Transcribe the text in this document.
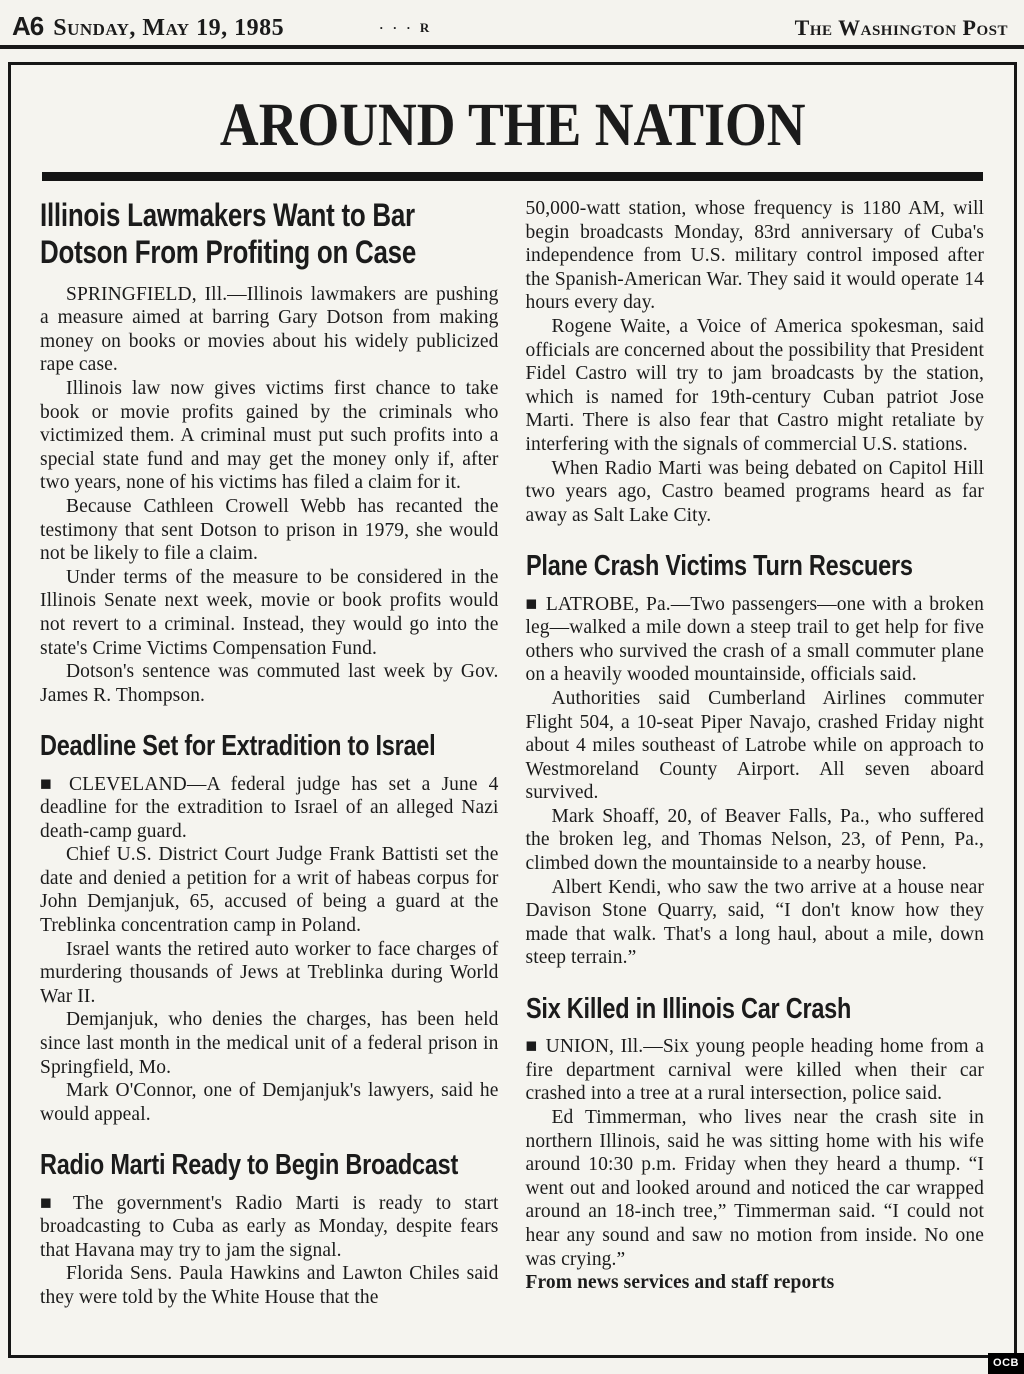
A6 Sunday, May 19, 1985	· · · R	The Washington Post
AROUND THE NATION
Illinois Lawmakers Want to Bar Dotson From Profiting on Case

SPRINGFIELD, Ill.—Illinois lawmakers are pushing a measure aimed at barring Gary Dotson from making money on books or movies about his widely publicized rape case.

Illinois law now gives victims first chance to take book or movie profits gained by the criminals who victimized them. A criminal must put such profits into a special state fund and may get the money only if, after two years, none of his victims has filed a claim for it.

Because Cathleen Crowell Webb has recanted the testimony that sent Dotson to prison in 1979, she would not be likely to file a claim.

Under terms of the measure to be considered in the Illinois Senate next week, movie or book profits would not revert to a criminal. Instead, they would go into the state's Crime Victims Compensation Fund.

Dotson's sentence was commuted last week by Gov. James R. Thompson.

Deadline Set for Extradition to Israel

■ CLEVELAND—A federal judge has set a June 4 deadline for the extradition to Israel of an alleged Nazi death-camp guard.

Chief U.S. District Court Judge Frank Battisti set the date and denied a petition for a writ of habeas corpus for John Demjanjuk, 65, accused of being a guard at the Treblinka concentration camp in Poland.

Israel wants the retired auto worker to face charges of murdering thousands of Jews at Treblinka during World War II.

Demjanjuk, who denies the charges, has been held since last month in the medical unit of a federal prison in Springfield, Mo.

Mark O'Connor, one of Demjanjuk's lawyers, said he would appeal.

Radio Marti Ready to Begin Broadcast

■ The government's Radio Marti is ready to start broadcasting to Cuba as early as Monday, despite fears that Havana may try to jam the signal.

Florida Sens. Paula Hawkins and Lawton Chiles said they were told by the White House that the

50,000-watt station, whose frequency is 1180 AM, will begin broadcasts Monday, 83rd anniversary of Cuba's independence from U.S. military control imposed after the Spanish-American War. They said it would operate 14 hours every day.

Rogene Waite, a Voice of America spokesman, said officials are concerned about the possibility that President Fidel Castro will try to jam broadcasts by the station, which is named for 19th-century Cuban patriot Jose Marti. There is also fear that Castro might retaliate by interfering with the signals of commercial U.S. stations.

When Radio Marti was being debated on Capitol Hill two years ago, Castro beamed programs heard as far away as Salt Lake City.

Plane Crash Victims Turn Rescuers

■ LATROBE, Pa.—Two passengers—one with a broken leg—walked a mile down a steep trail to get help for five others who survived the crash of a small commuter plane on a heavily wooded mountainside, officials said.

Authorities said Cumberland Airlines commuter Flight 504, a 10-seat Piper Navajo, crashed Friday night about 4 miles southeast of Latrobe while on approach to Westmoreland County Airport. All seven aboard survived.

Mark Shoaff, 20, of Beaver Falls, Pa., who suffered the broken leg, and Thomas Nelson, 23, of Penn, Pa., climbed down the mountainside to a nearby house.

Albert Kendi, who saw the two arrive at a house near Davison Stone Quarry, said, “I don't know how they made that walk. That's a long haul, about a mile, down steep terrain.”

Six Killed in Illinois Car Crash

■ UNION, Ill.—Six young people heading home from a fire department carnival were killed when their car crashed into a tree at a rural intersection, police said.

Ed Timmerman, who lives near the crash site in northern Illinois, said he was sitting home with his wife around 10:30 p.m. Friday when they heard a thump. “I went out and looked around and noticed the car wrapped around an 18-inch tree,” Timmerman said. “I could not hear any sound and saw no motion from inside. No one was crying.”

From news services and staff reports

OCB
